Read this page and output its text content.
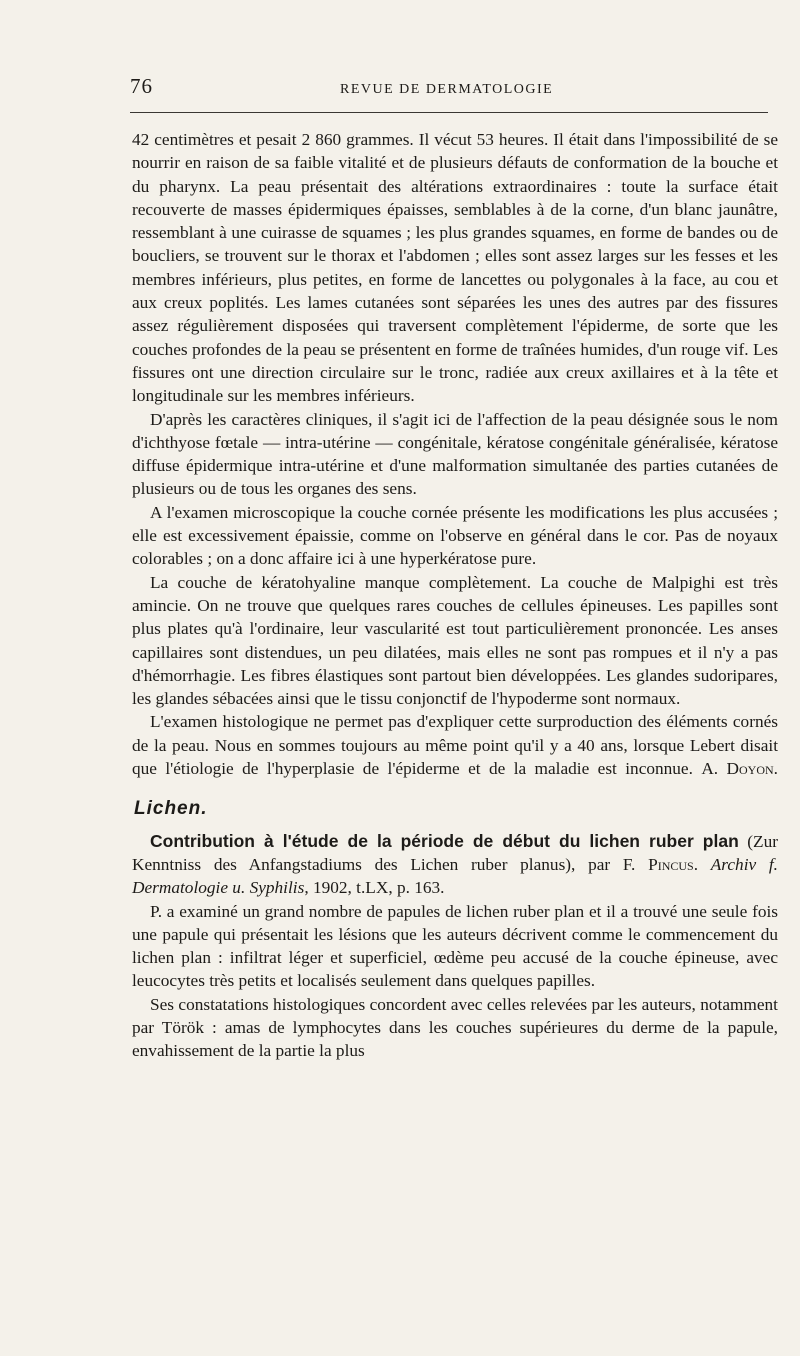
76	REVUE DE DERMATOLOGIE

42 centimètres et pesait 2 860 grammes. Il vécut 53 heures. Il était dans l'impossibilité de se nourrir en raison de sa faible vitalité et de plusieurs défauts de conformation de la bouche et du pharynx. La peau présentait des altérations extraordinaires : toute la surface était recouverte de masses épidermiques épaisses, semblables à de la corne, d'un blanc jaunâtre, ressemblant à une cuirasse de squames ; les plus grandes squames, en forme de bandes ou de boucliers, se trouvent sur le thorax et l'abdomen ; elles sont assez larges sur les fesses et les membres inférieurs, plus petites, en forme de lancettes ou polygonales à la face, au cou et aux creux poplités. Les lames cutanées sont séparées les unes des autres par des fissures assez régulièrement disposées qui traversent complètement l'épiderme, de sorte que les couches profondes de la peau se présentent en forme de traînées humides, d'un rouge vif. Les fissures ont une direction circulaire sur le tronc, radiée aux creux axillaires et à la tête et longitudinale sur les membres inférieurs.

D'après les caractères cliniques, il s'agit ici de l'affection de la peau désignée sous le nom d'ichthyose fœtale — intra-utérine — congénitale, kératose congénitale généralisée, kératose diffuse épidermique intra-utérine et d'une malformation simultanée des parties cutanées de plusieurs ou de tous les organes des sens.

A l'examen microscopique la couche cornée présente les modifications les plus accusées ; elle est excessivement épaissie, comme on l'observe en général dans le cor. Pas de noyaux colorables ; on a donc affaire ici à une hyperkératose pure.

La couche de kératohyaline manque complètement. La couche de Malpighi est très amincie. On ne trouve que quelques rares couches de cellules épineuses. Les papilles sont plus plates qu'à l'ordinaire, leur vascularité est tout particulièrement prononcée. Les anses capillaires sont distendues, un peu dilatées, mais elles ne sont pas rompues et il n'y a pas d'hémorrhagie. Les fibres élastiques sont partout bien développées. Les glandes sudoripares, les glandes sébacées ainsi que le tissu conjonctif de l'hypoderme sont normaux.

L'examen histologique ne permet pas d'expliquer cette surproduction des éléments cornés de la peau. Nous en sommes toujours au même point qu'il y a 40 ans, lorsque Lebert disait que l'étiologie de l'hyperplasie de l'épiderme et de la maladie est inconnue. A. Doyon.

Lichen.

Contribution à l'étude de la période de début du lichen ruber plan (Zur Kenntniss des Anfangstadiums des Lichen ruber planus), par F. Pincus. Archiv f. Dermatologie u. Syphilis, 1902, t.LX, p. 163.

P. a examiné un grand nombre de papules de lichen ruber plan et il a trouvé une seule fois une papule qui présentait les lésions que les auteurs décrivent comme le commencement du lichen plan : infiltrat léger et superficiel, œdème peu accusé de la couche épineuse, avec leucocytes très petits et localisés seulement dans quelques papilles.

Ses constatations histologiques concordent avec celles relevées par les auteurs, notamment par Török : amas de lymphocytes dans les couches supérieures du derme de la papule, envahissement de la partie la plus
